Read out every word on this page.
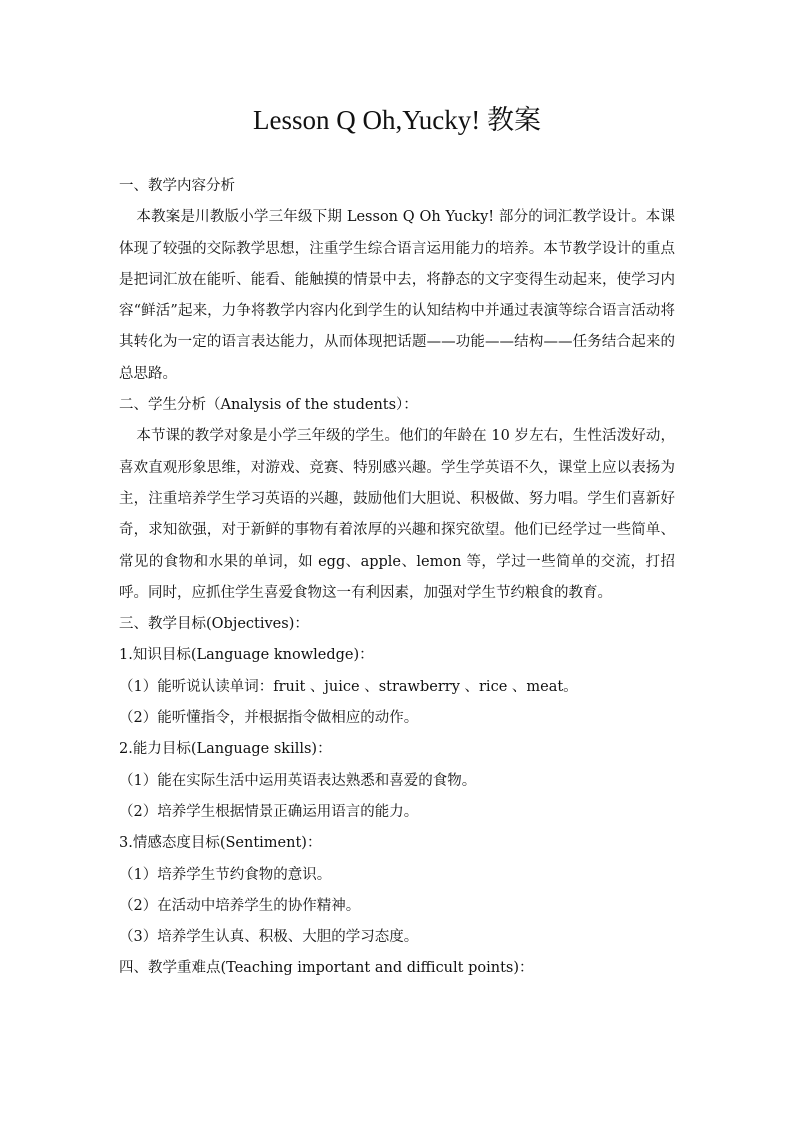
Lesson Q Oh,Yucky! 教案
一、教学内容分析
本教案是川教版小学三年级下期 Lesson Q Oh Yucky! 部分的词汇教学设计。本课体现了较强的交际教学思想，注重学生综合语言运用能力的培养。本节教学设计的重点是把词汇放在能听、能看、能触摸的情景中去，将静态的文字变得生动起来，使学习内容“鲜活”起来，力争将教学内容内化到学生的认知结构中并通过表演等综合语言活动将其转化为一定的语言表达能力，从而体现把话题——功能——结构——任务结合起来的总思路。
二、学生分析（Analysis of the students）：
本节课的教学对象是小学三年级的学生。他们的年龄在 10 岁左右，生性活泼好动，喜欢直观形象思维，对游戏、竞赛、特别感兴趣。学生学英语不久，课堂上应以表扬为主，注重培养学生学习英语的兴趣，鼓励他们大胆说、积极做、努力唱。学生们喜新好奇，求知欲强，对于新鲜的事物有着浓厚的兴趣和探究欲望。他们已经学过一些简单、常见的食物和水果的单词，如 egg、apple、lemon 等，学过一些简单的交流，打招呼。同时，应抓住学生喜爱食物这一有利因素，加强对学生节约粮食的教育。
三、教学目标(Objectives)：
1.知识目标(Language knowledge)：
（1）能听说认读单词：fruit 、juice 、strawberry 、rice 、meat。
（2）能听懂指令，并根据指令做相应的动作。
2.能力目标(Language skills)：
（1）能在实际生活中运用英语表达熟悉和喜爱的食物。
（2）培养学生根据情景正确运用语言的能力。
3.情感态度目标(Sentiment)：
（1）培养学生节约食物的意识。
（2）在活动中培养学生的协作精神。
（3）培养学生认真、积极、大胆的学习态度。
四、教学重难点(Teaching important and difficult points)：
